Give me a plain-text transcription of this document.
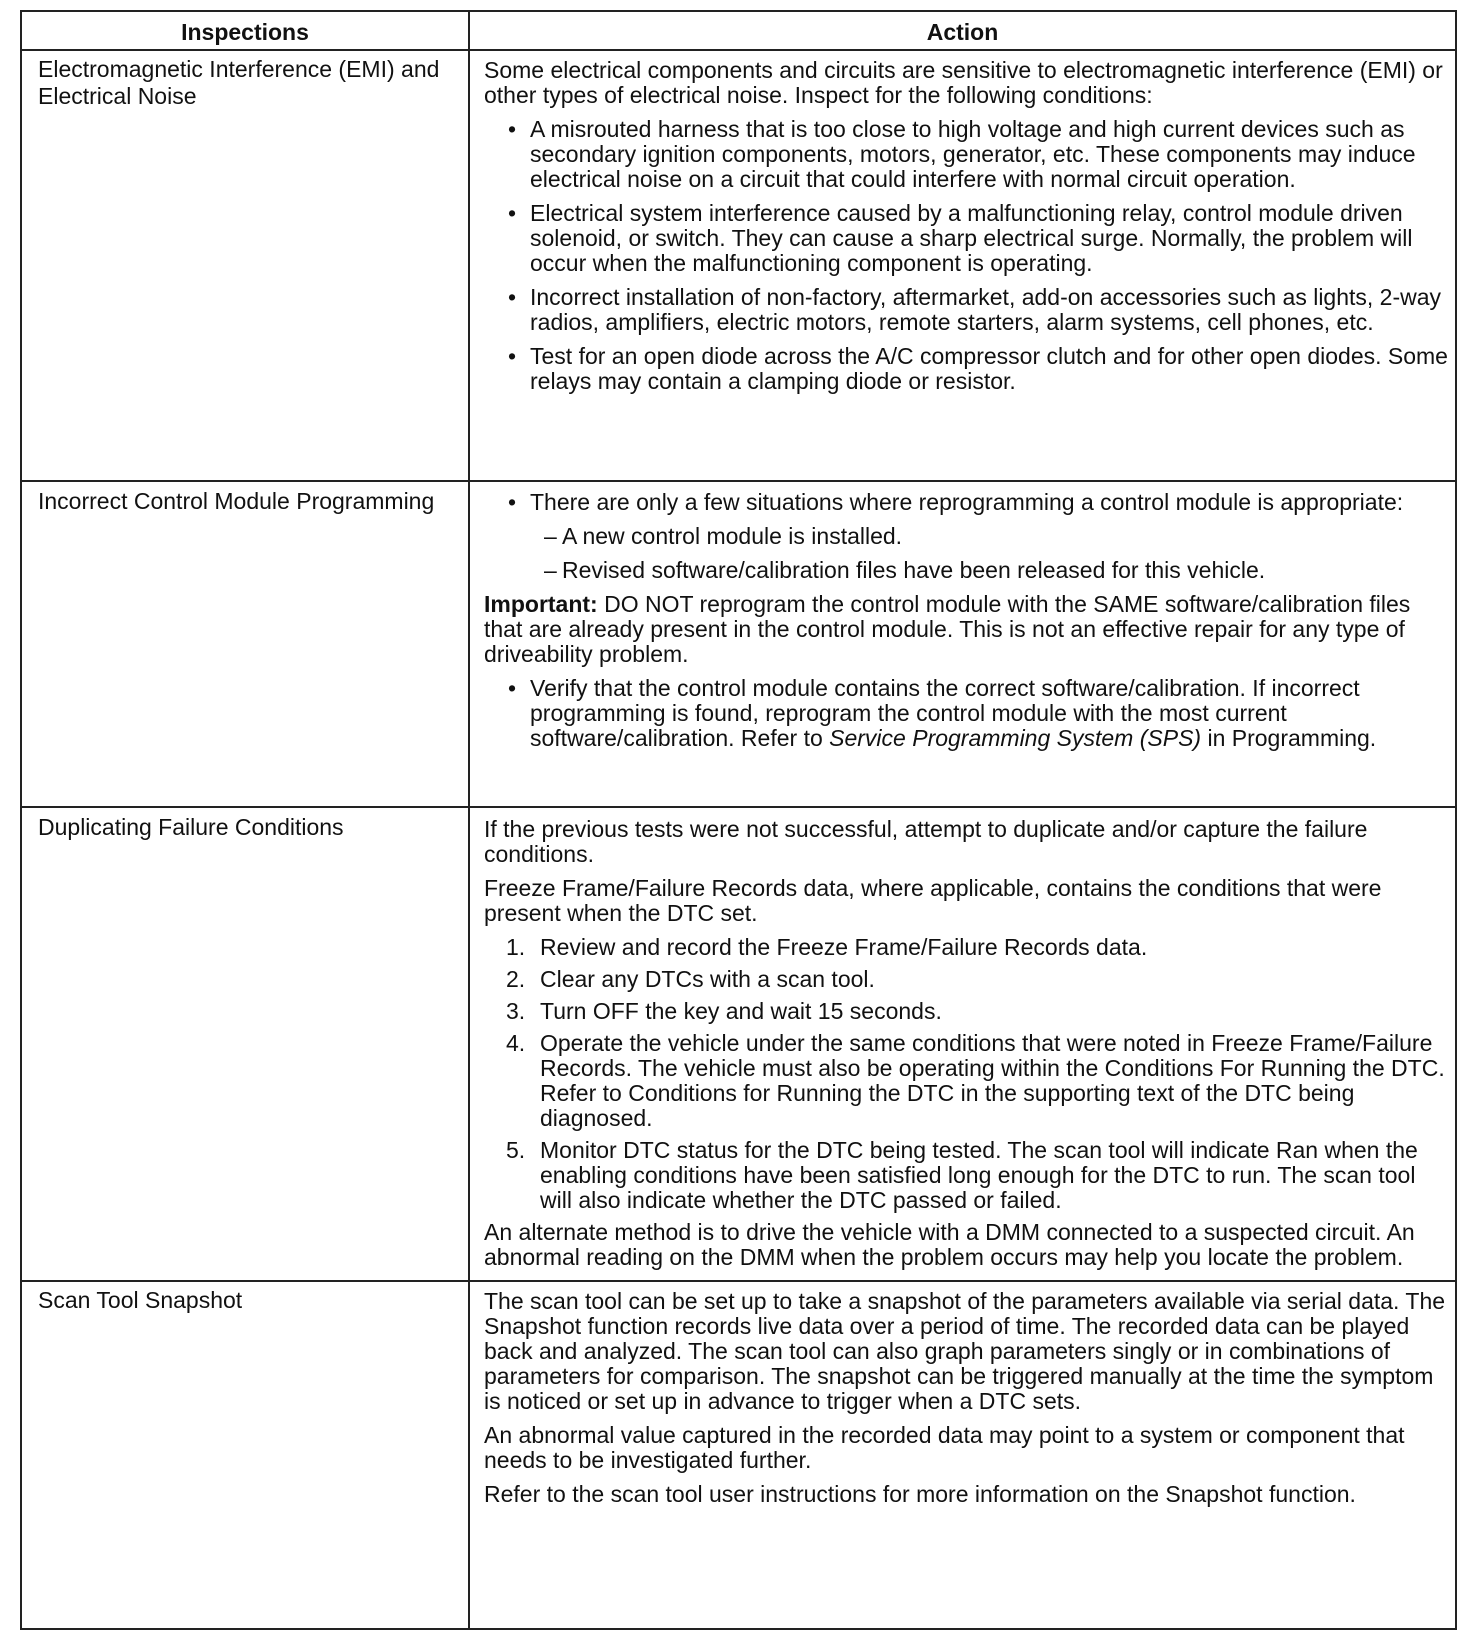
Inspections	Action
Electromagnetic Interference (EMI) and Electrical Noise

Some electrical components and circuits are sensitive to electromagnetic interference (EMI) or other types of electrical noise. Inspect for the following conditions:

• A misrouted harness that is too close to high voltage and high current devices such as secondary ignition components, motors, generator, etc. These components may induce electrical noise on a circuit that could interfere with normal circuit operation.
• Electrical system interference caused by a malfunctioning relay, control module driven solenoid, or switch. They can cause a sharp electrical surge. Normally, the problem will occur when the malfunctioning component is operating.
• Incorrect installation of non-factory, aftermarket, add-on accessories such as lights, 2-way radios, amplifiers, electric motors, remote starters, alarm systems, cell phones, etc.
• Test for an open diode across the A/C compressor clutch and for other open diodes. Some relays may contain a clamping diode or resistor.
Incorrect Control Module Programming
•	There are only a few situations where reprogramming a control module is appropriate:
– A new control module is installed.
– Revised software/calibration files have been released for this vehicle.

Important: DO NOT reprogram the control module with the SAME software/calibration files that are already present in the control module. This is not an effective repair for any type of driveability problem.

• Verify that the control module contains the correct software/calibration. If incorrect programming is found, reprogram the control module with the most current software/calibration. Refer to Service Programming System (SPS) in Programming.
Duplicating Failure Conditions	If the previous tests were not successful, attempt to duplicate and/or capture the failure conditions.

Freeze Frame/Failure Records data, where applicable, contains the conditions that were present when the DTC set.

1. Review and record the Freeze Frame/Failure Records data.
2. Clear any DTCs with a scan tool.
3. Turn OFF the key and wait 15 seconds.
4. Operate the vehicle under the same conditions that were noted in Freeze Frame/Failure Records. The vehicle must also be operating within the Conditions For Running the DTC. Refer to Conditions for Running the DTC in the supporting text of the DTC being diagnosed.
5. Monitor DTC status for the DTC being tested. The scan tool will indicate Ran when the enabling conditions have been satisfied long enough for the DTC to run. The scan tool will also indicate whether the DTC passed or failed.

An alternate method is to drive the vehicle with a DMM connected to a suspected circuit. An abnormal reading on the DMM when the problem occurs may help you locate the problem.

Scan Tool Snapshot	The scan tool can be set up to take a snapshot of the parameters available via serial data. The Snapshot function records live data over a period of time. The recorded data can be played back and analyzed. The scan tool can also graph parameters singly or in combinations of parameters for comparison. The snapshot can be triggered manually at the time the symptom is noticed or set up in advance to trigger when a DTC sets.

An abnormal value captured in the recorded data may point to a system or component that needs to be investigated further.

Refer to the scan tool user instructions for more information on the Snapshot function.
